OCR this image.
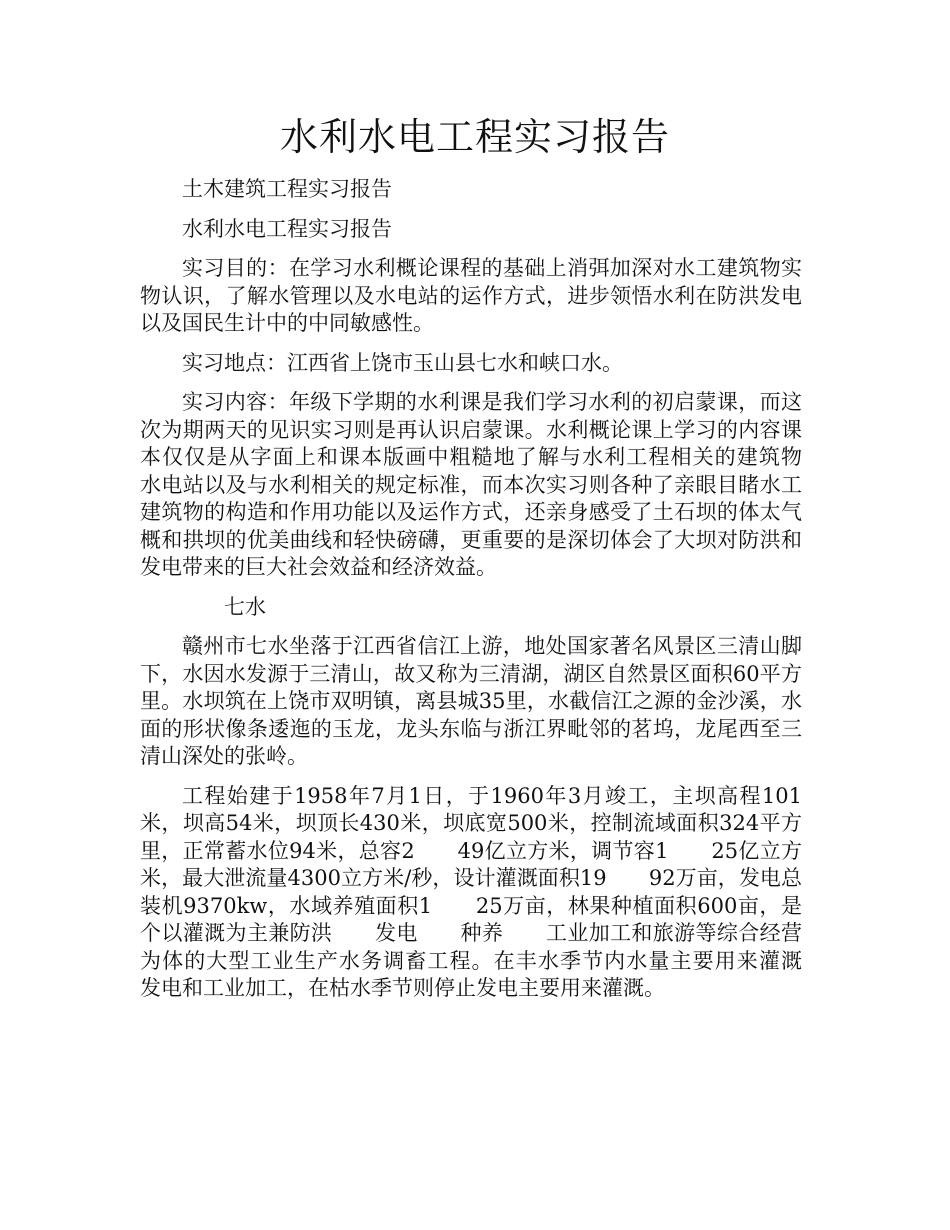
水利水电工程实习报告

土木建筑工程实习报告

水利水电工程实习报告

实习目的：在学习水利概论课程的基础上消弭加深对水工建筑物实物认识，了解水管理以及水电站的运作方式，进步领悟水利在防洪发电以及国民生计中的中同敏感性。

实习地点：江西省上饶市玉山县七水和峡口水。

实习内容：年级下学期的水利课是我们学习水利的初启蒙课，而这次为期两天的见识实习则是再认识启蒙课。水利概论课上学习的内容课本仅仅是从字面上和课本版画中粗糙地了解与水利工程相关的建筑物　　水电站以及与水利相关的规定标准，而本次实习则各种了亲眼目睹水工建筑物的构造和作用功能以及运作方式，还亲身感受了土石坝的体太气概和拱坝的优美曲线和轻快磅礴，更重要的是深切体会了大坝对防洪和发电带来的巨大社会效益和经济效益。

七水

赣州市七水坐落于江西省信江上游，地处国家著名风景区三清山脚下，水因水发源于三清山，故又称为三清湖，湖区自然景区面积60平方里。水坝筑在上饶市双明镇，离县城35里，水截信江之源的金沙溪，水面的形状像条逶迤的玉龙，龙头东临与浙江界毗邻的茗坞，龙尾西至三清山深处的张岭。

工程始建于1958年7月1日，于1960年3月竣工，主坝高程101米，坝高54米，坝顶长430米，坝底宽500米，控制流域面积324平方里，正常蓄水位94米，总容2　　49亿立方米，调节容1　　25亿立方米，最大泄流量4300立方米/秒，设计灌溉面积19　　92万亩，发电总装机9370kw，水域养殖面积1　　25万亩，林果种植面积600亩，是个以灌溉为主兼防洪　　发电　　种养　　工业加工和旅游等综合经营为体的大型工业生产水务调畜工程。在丰水季节内水量主要用来灌溉　　发电和工业加工，在枯水季节则停止发电主要用来灌溉。
